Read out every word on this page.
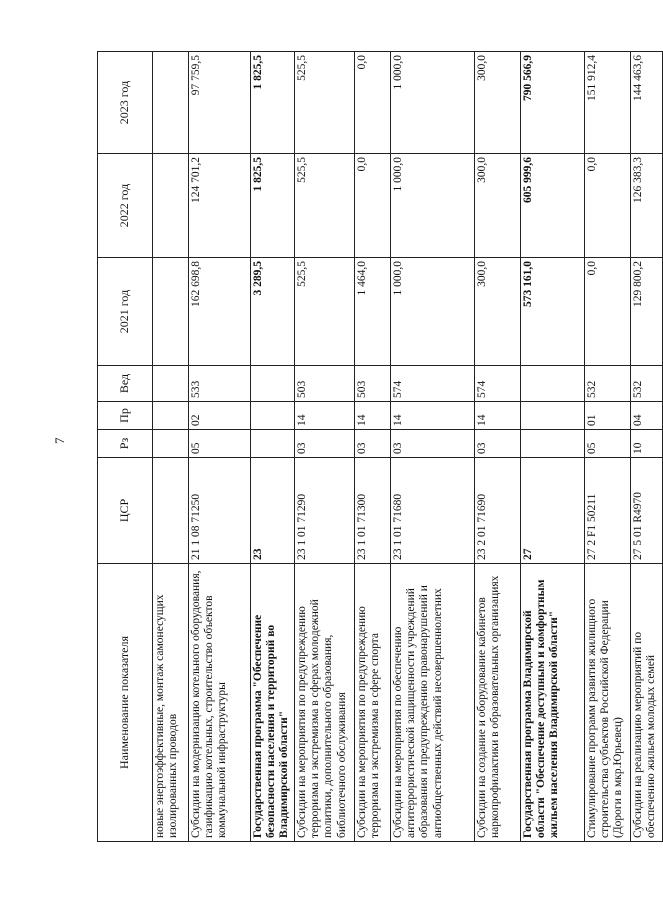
7
Наименование показателя	ЦСР	Рз	Пр	Вед	2021 год	2022 год	2023 год
новые энергоэффективные, монтаж самонесущих изолированных проводов							
Субсидии на модернизацию котельного оборудования, газификацию котельных, строительство объектов коммунальной инфраструктуры	21 1 08 71250	05	02	533	162 698,8	124 701,2	97 759,5
Государственная программа "Обеспечение безопасности населения и территорий во Владимирской области"	23				3 289,5	1 825,5	1 825,5
Субсидии на мероприятия по предупреждению терроризма и экстремизма в сферах молодежной политики, дополнительного образования, библиотечного обслуживания	23 1 01 71290	03	14	503	525,5	525,5	525,5
Субсидии на мероприятия по предупреждению терроризма и экстремизма в сфере спорта	23 1 01 71300	03	14	503	1 464,0	0,0	0,0
Субсидии на мероприятия по обеспечению антитеррористической защищенности учреждений образования и предупреждению правонарушений и антиобщественных действий несовершеннолетних	23 1 01 71680	03	14	574	1 000,0	1 000,0	1 000,0
Субсидии на создание и оборудование кабинетов наркопрофилактики в образовательных организациях	23 2 01 71690	03	14	574	300,0	300,0	300,0
Государственная программа Владимирской области "Обеспечение доступным и комфортным жильем населения Владимирской области"	27				573 161,0	605 999,6	790 566,9
Стимулирование программ развития жилищного строительства субъектов Российской Федерации (Дороги в мкр.Юрьевец)	27 2 F1 50211	05	01	532	0,0	0,0	151 912,4
Субсидии на реализацию мероприятий по обеспечению жильем молодых семей	27 5 01 R4970	10	04	532	129 800,2	126 383,3	144 463,6
